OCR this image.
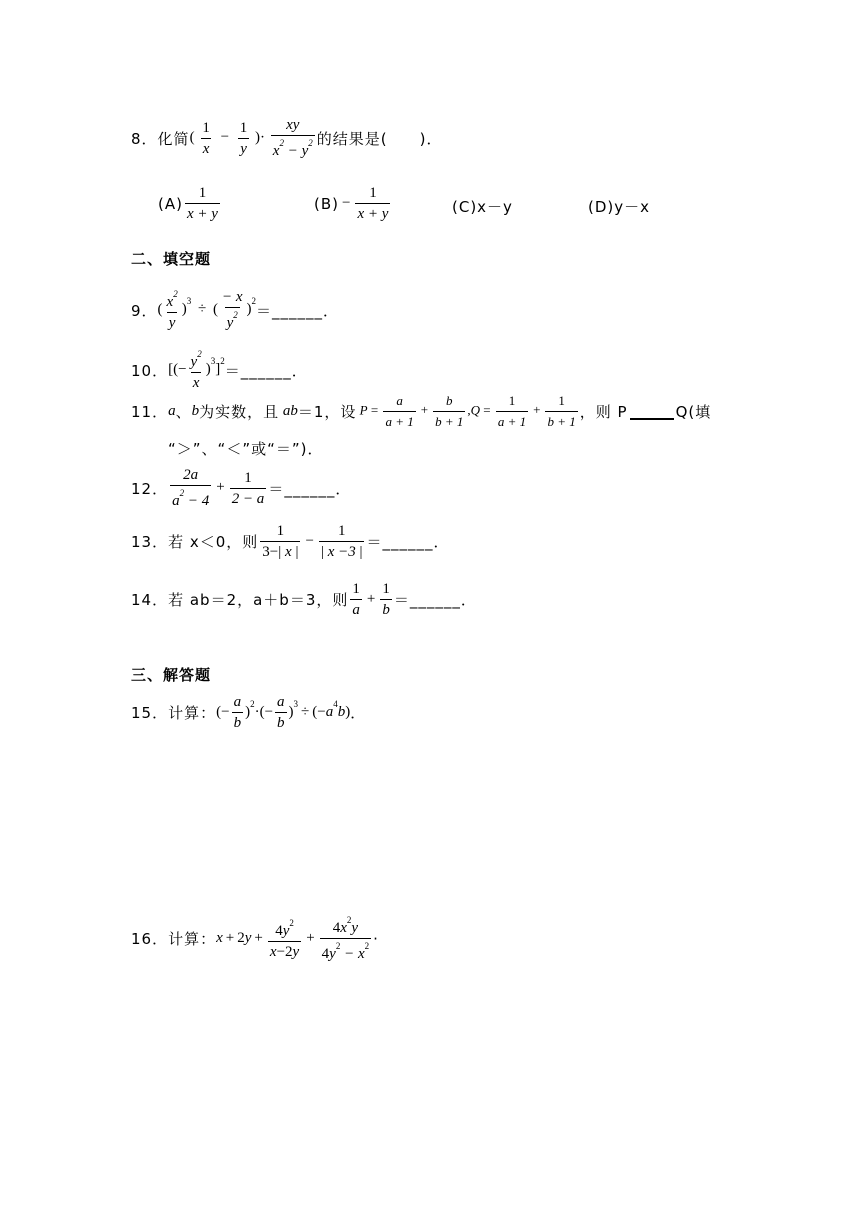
8． 化简 ( $\frac{1}{x} - \frac{1}{y}$ )· $\frac{xy}{x^2 - y^2}$ 的结果是(　　)．
$(A) \frac{1}{x + y}$	$(B) - \frac{1}{x + y}$	(C)x－y	(D)y－x
二、填空题
9． ( $\frac{x^2}{y} )^3$ ÷ ( $\frac{- x}{y^2} )^2$
＝______．
10． [(− $\frac{y^2}{x} )^3]^2$
＝______．
11． a 、 b 为实数，且 ab ＝1，设 $P = \frac{a}{a + 1} + \frac{b}{b + 1} ,Q = \frac{1}{a + 1} + \frac{1}{b + 1}$ ，则 P	Q(填
“＞”、“＜”或“＝”)．
12． $\frac{2a}{a^2 - 4} + \frac{1}{2 - a}$ ＝______．
13． 若 x＜0，则 $\frac{1}{3-| x |} - \frac{1}{| x -3 |}$ ＝______．
14． 若 ab＝2，a＋b＝3，则 $\frac{1}{a} + \frac{1}{b}$ ＝______．
三、解答题
15． 计算： (− $\frac{a}{b} )^2\cdot(- \frac{a}{b} )^3 \div (-a^4b)$ ．
16． 计算： $x + 2y + \frac{4y^2}{x-2y} + \frac{4x^2y}{4y^2 - x^2}$ ·
